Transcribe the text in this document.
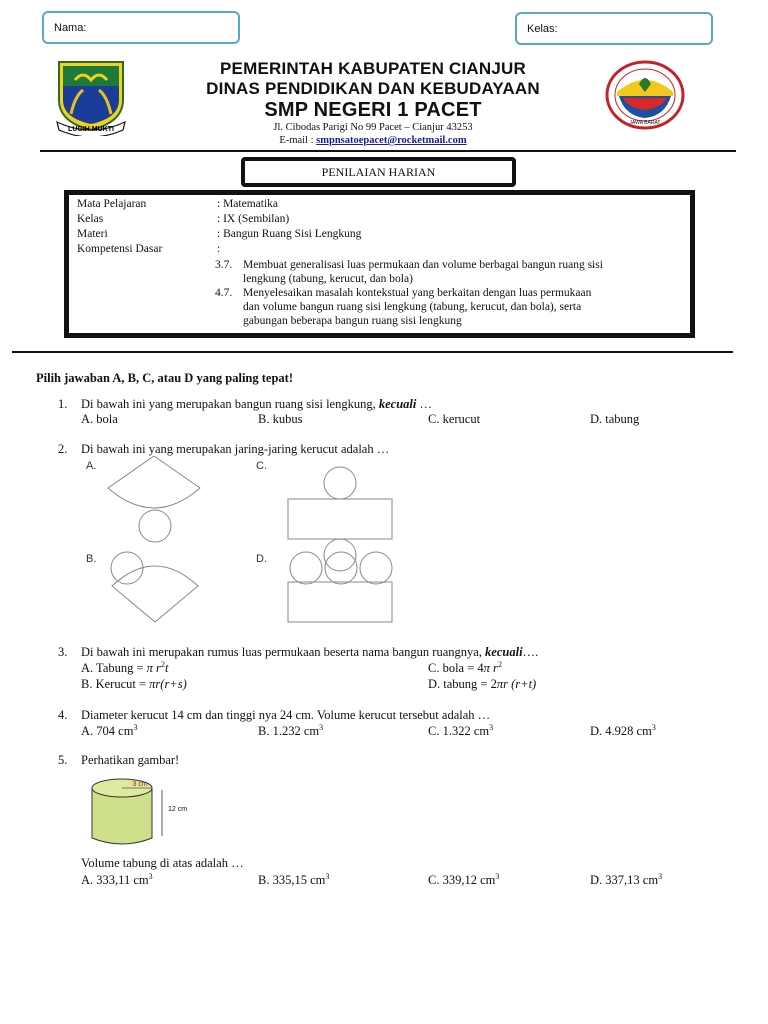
Nama:	Kelas:
LUGIH MUKTI
JAWA BARAT
PEMERINTAH KABUPATEN CIANJUR
DINAS PENDIDIKAN DAN KEBUDAYAAN
SMP NEGERI 1 PACET
Jl. Cibodas Parigi No 99 Pacet – Cianjur 43253
E-mail : smpnsatoepacet@rocketmail.com
PENILAIAN HARIAN
Mata Pelajaran	: Matematika
Kelas	: IX (Sembilan)
Materi	: Bangun Ruang Sisi Lengkung
Kompetensi Dasar	:
3.7. Membuat generalisasi luas permukaan dan volume berbagai bangun ruang sisi
lengkung (tabung, kerucut, dan bola)
4.7. Menyelesaikan masalah kontekstual yang berkaitan dengan luas permukaan
dan volume bangun ruang sisi lengkung (tabung, kerucut, dan bola), serta
gabungan beberapa bangun ruang sisi lengkung
Pilih jawaban A, B, C, atau D yang paling tepat!
1. Di bawah ini yang merupakan bangun ruang sisi lengkung, kecuali …
A. bola	B. kubus	C. kerucut	D. tabung
2. Di bawah ini yang merupakan jaring-jaring kerucut adalah …
A.
B.
C.
D.
3. Di bawah ini merupakan rumus luas permukaan beserta nama bangun ruangnya, kecuali….
A. Tabung = π $r^2t$	C. bola = 4π $r^2$
B. Kerucut = πr(r+s)	D. tabung = 2πr (r+t)
4. Diameter kerucut 14 cm dan tinggi nya 24 cm. Volume kerucut tersebut adalah …
A. 704 $cm^3$	B. 1.232 $cm^3$	C. 1.322 $cm^3$	D. 4.928 $cm^3$
5. Perhatikan gambar!
3 cm
12 cm
Volume tabung di atas adalah …
A. 333,11 $cm^3$	B. 335,15 $cm^3$	C. 339,12 $cm^3$	D. 337,13 $cm^3$
